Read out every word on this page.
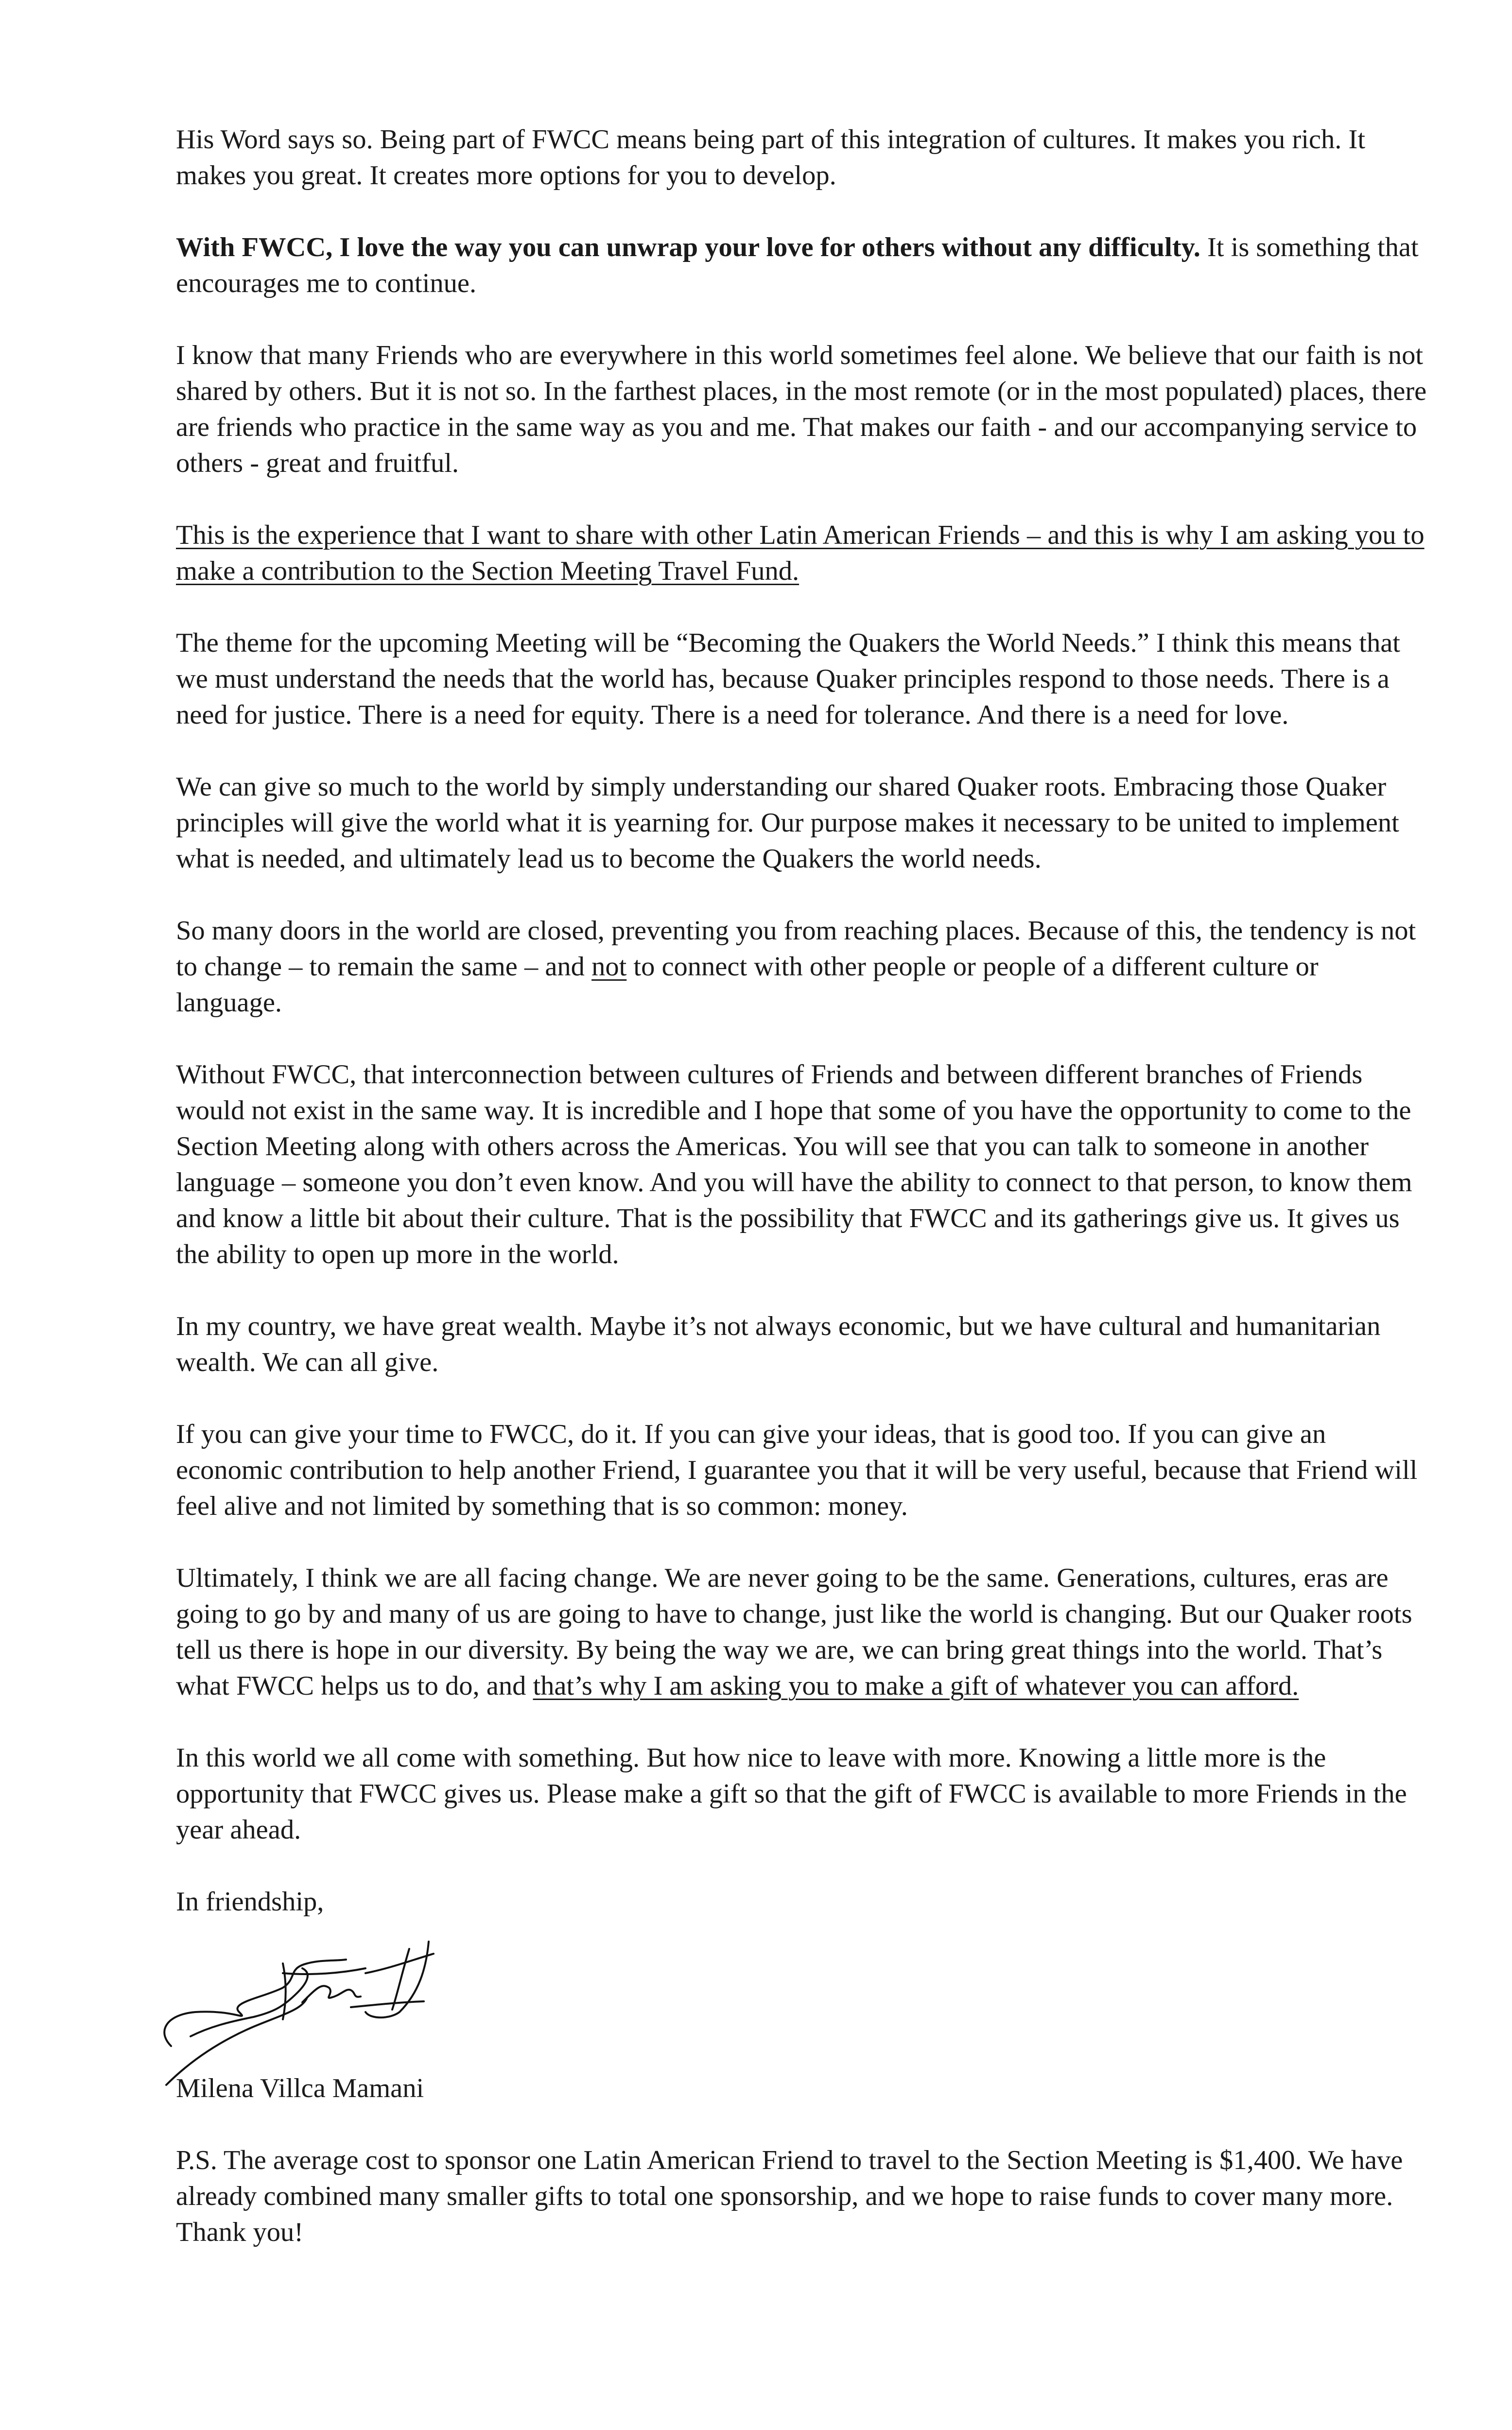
His Word says so. Being part of FWCC means being part of this integration of cultures. It makes you rich. It makes you great. It creates more options for you to develop.

With FWCC, I love the way you can unwrap your love for others without any difficulty. It is something that encourages me to continue.

I know that many Friends who are everywhere in this world sometimes feel alone. We believe that our faith is not shared by others. But it is not so. In the farthest places, in the most remote (or in the most populated) places, there are friends who practice in the same way as you and me. That makes our faith - and our accompanying service to others - great and fruitful.

This is the experience that I want to share with other Latin American Friends – and this is why I am asking you to make a contribution to the Section Meeting Travel Fund.

The theme for the upcoming Meeting will be “Becoming the Quakers the World Needs.” I think this means that we must understand the needs that the world has, because Quaker principles respond to those needs. There is a need for justice. There is a need for equity. There is a need for tolerance. And there is a need for love.

We can give so much to the world by simply understanding our shared Quaker roots. Embracing those Quaker principles will give the world what it is yearning for. Our purpose makes it necessary to be united to implement what is needed, and ultimately lead us to become the Quakers the world needs.

So many doors in the world are closed, preventing you from reaching places. Because of this, the tendency is not to change – to remain the same – and not to connect with other people or people of a different culture or language.

Without FWCC, that interconnection between cultures of Friends and between different branches of Friends would not exist in the same way. It is incredible and I hope that some of you have the opportunity to come to the Section Meeting along with others across the Americas. You will see that you can talk to someone in another language – someone you don’t even know. And you will have the ability to connect to that person, to know them and know a little bit about their culture. That is the possibility that FWCC and its gatherings give us. It gives us the ability to open up more in the world.

In my country, we have great wealth. Maybe it’s not always economic, but we have cultural and humanitarian wealth. We can all give.

If you can give your time to FWCC, do it. If you can give your ideas, that is good too. If you can give an economic contribution to help another Friend, I guarantee you that it will be very useful, because that Friend will feel alive and not limited by something that is so common: money.

Ultimately, I think we are all facing change. We are never going to be the same. Generations, cultures, eras are going to go by and many of us are going to have to change, just like the world is changing. But our Quaker roots tell us there is hope in our diversity. By being the way we are, we can bring great things into the world. That’s what FWCC helps us to do, and that’s why I am asking you to make a gift of whatever you can afford.

In this world we all come with something. But how nice to leave with more. Knowing a little more is the opportunity that FWCC gives us. Please make a gift so that the gift of FWCC is available to more Friends in the year ahead.

In friendship,

Milena Villca Mamani

P.S. The average cost to sponsor one Latin American Friend to travel to the Section Meeting is $1,400. We have already combined many smaller gifts to total one sponsorship, and we hope to raise funds to cover many more. Thank you!
